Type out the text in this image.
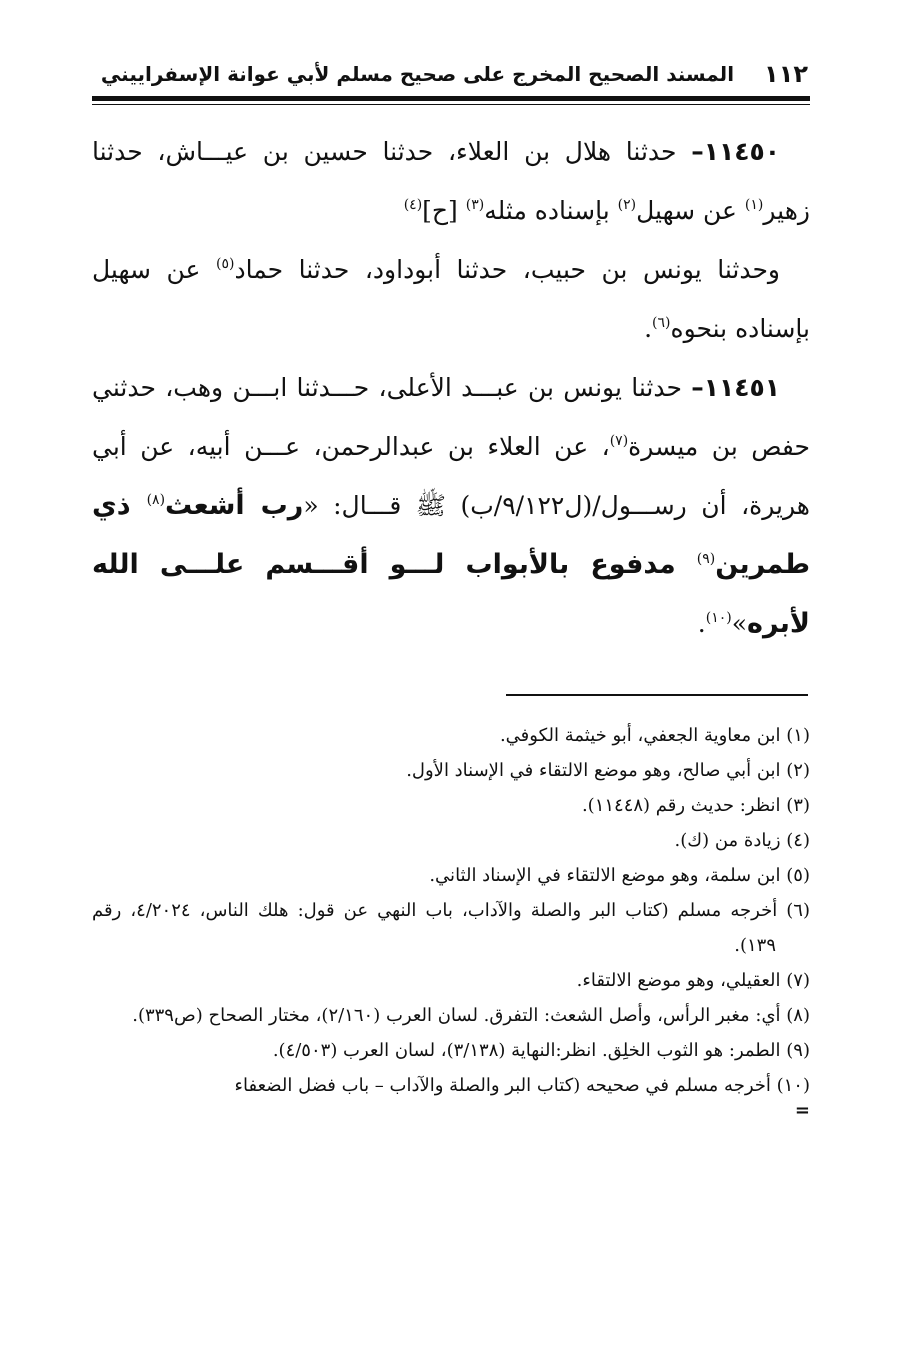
١١٢
المسند الصحيح المخرج على صحيح مسلم لأبي عوانة الإسفراييني

١١٤٥٠– حدثنا هلال بن العلاء، حدثنا حسين بن عيـــاش، حدثنا زهير$^{(١)}$ عن سهيل$^{(٢)}$ بإسناده مثله$^{(٣)}$ [ح]$^{(٤)}$

وحدثنا يونس بن حبيب، حدثنا أبوداود، حدثنا حماد$^{(٥)}$ عن سهيل بإسناده بنحوه$^{(٦)}$.

١١٤٥١– حدثنا يونس بن عبـــد الأعلى، حـــدثنا ابـــن وهب، حدثني حفص بن ميسرة$^{(٧)}$، عن العلاء بن عبدالرحمن، عـــن أبيه، عن أبي هريرة، أن رســـول/(ل٩/١٢٢/ب) ﷺ قـــال: «رب أشعث$^{(٨)}$ ذي طمرين$^{(٩)}$ مدفوع بالأبواب لـــو أقـــسم علـــى الله لأبره»$^{(١٠)}$.

(١) ابن معاوية الجعفي، أبو خيثمة الكوفي.

(٢) ابن أبي صالح، وهو موضع الالتقاء في الإسناد الأول.

(٣) انظر: حديث رقم (١١٤٤٨).

(٤) زيادة من (ك).

(٥) ابن سلمة، وهو موضع الالتقاء في الإسناد الثاني.

(٦) أخرجه مسلم (كتاب البر والصلة والآداب، باب النهي عن قول: هلك الناس، ٤/٢٠٢٤، رقم ١٣٩).

(٧) العقيلي، وهو موضع الالتقاء.

(٨) أي: مغبر الرأس، وأصل الشعث: التفرق. لسان العرب (٢/١٦٠)، مختار الصحاح (ص٣٣٩).

(٩) الطمر: هو الثوب الخلِق. انظر:النهاية (٣/١٣٨)، لسان العرب (٤/٥٠٣).

(١٠) أخرجه مسلم في صحيحه (كتاب البر والصلة والآداب – باب فضل الضعفاء

=
